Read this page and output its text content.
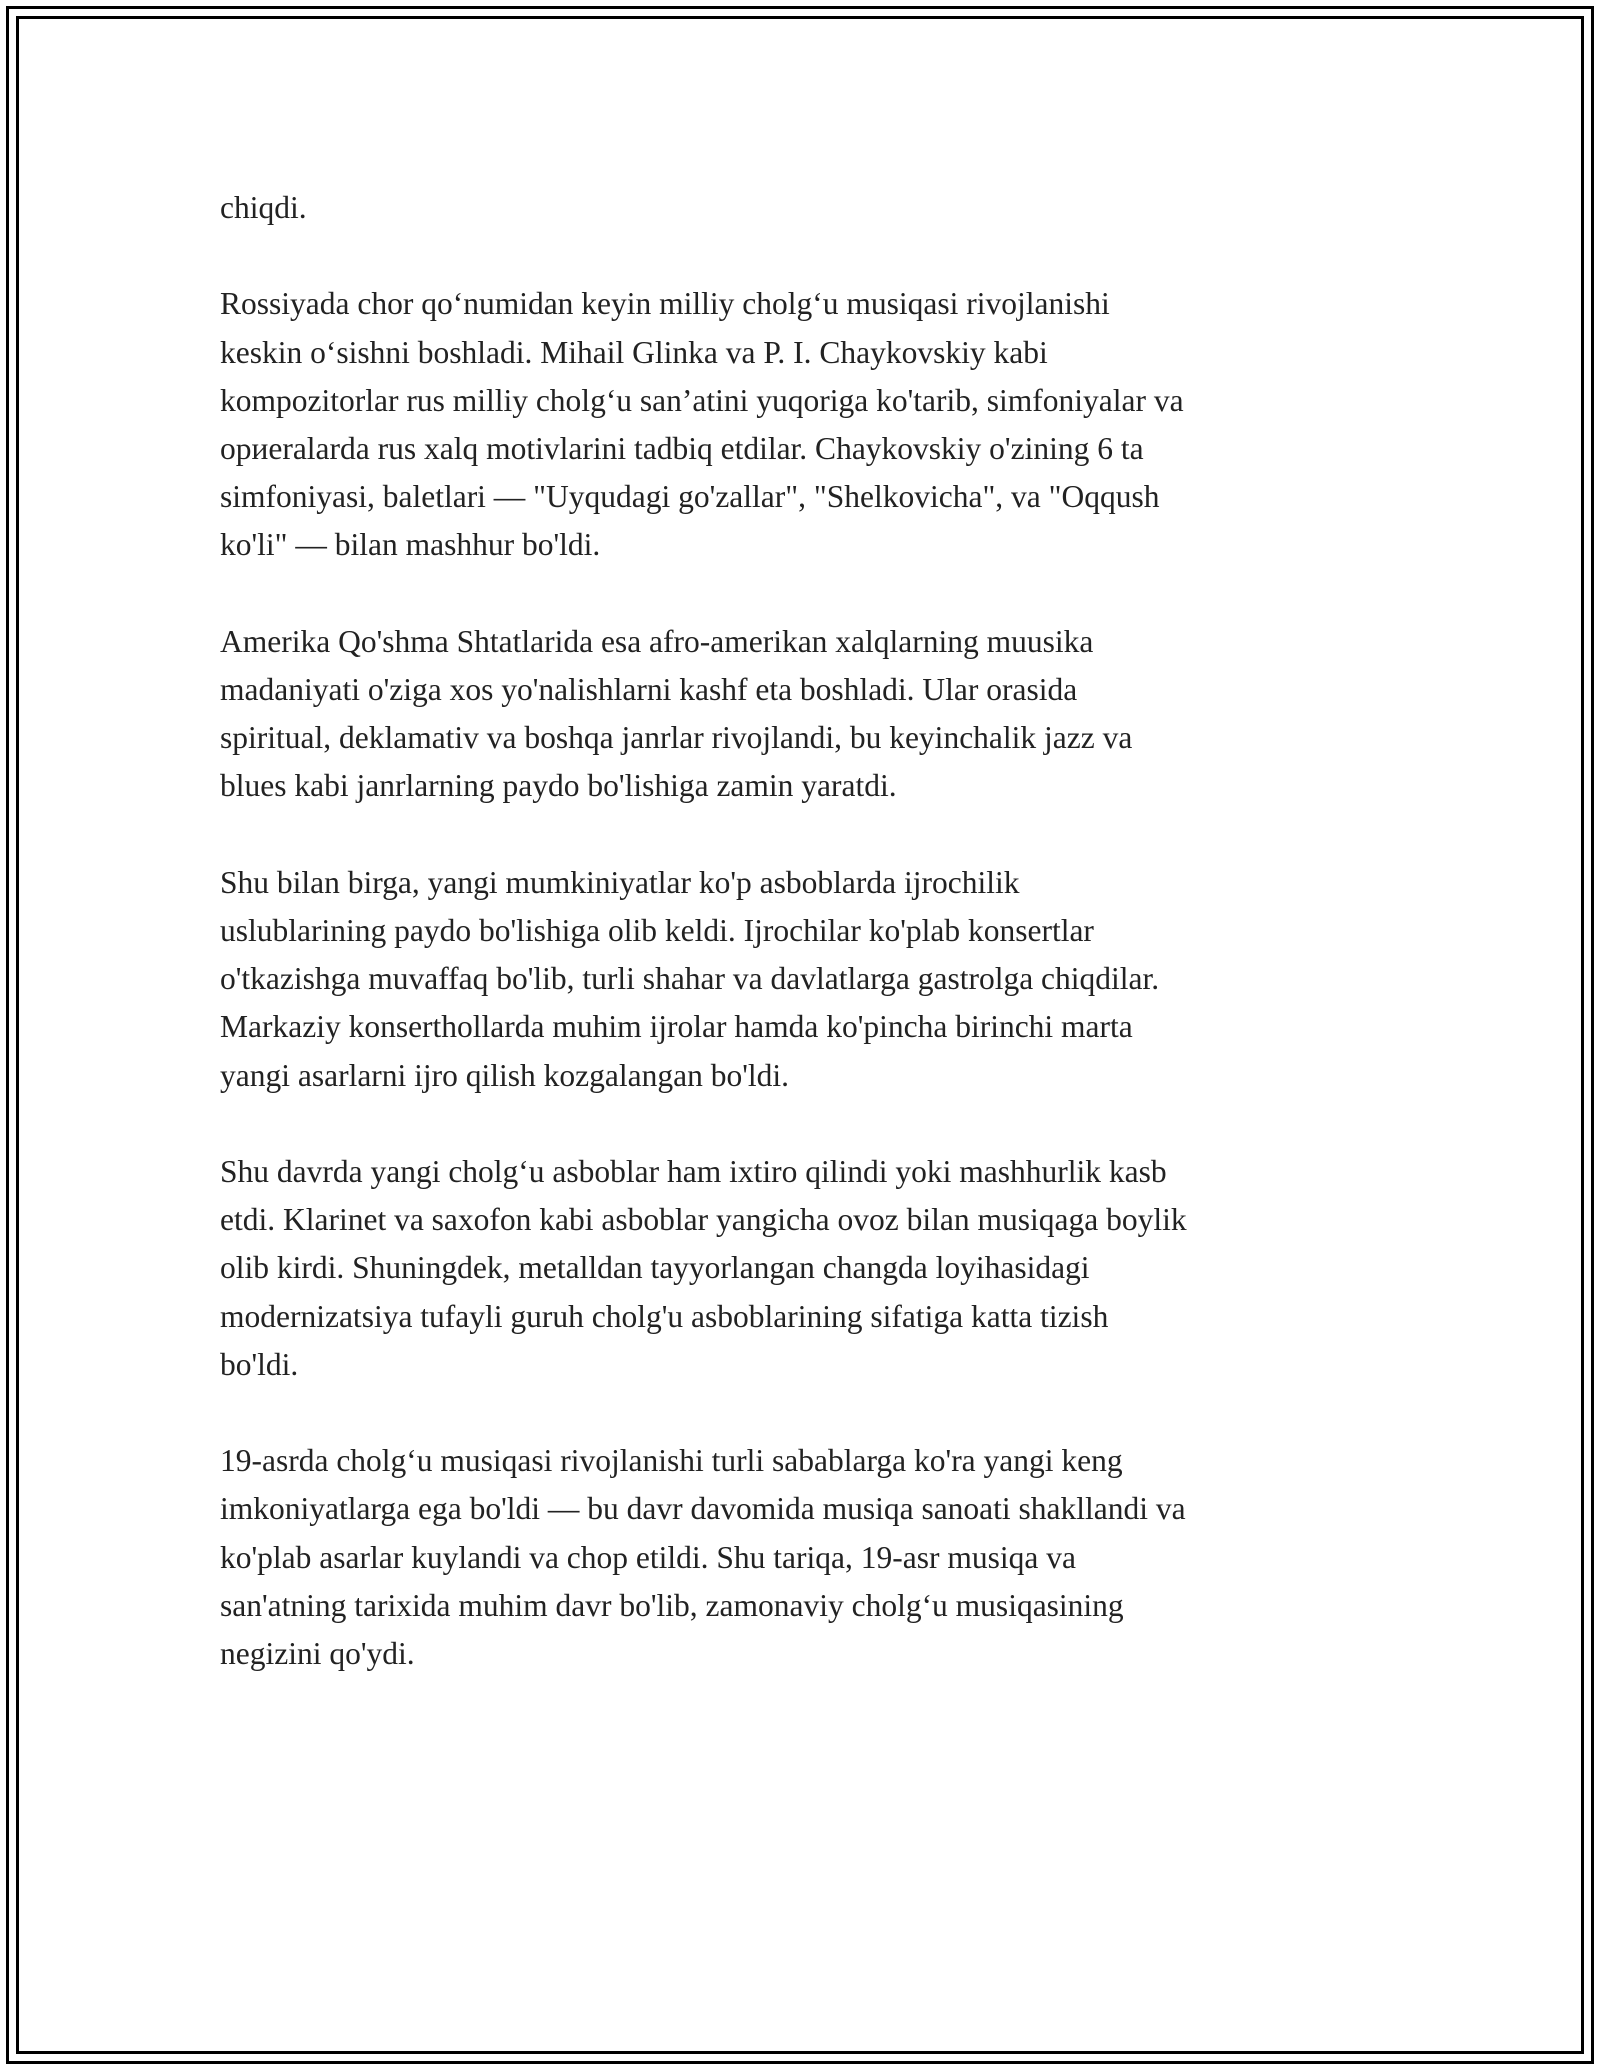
chiqdi.

Rossiyada chor qo‘numidan keyin milliy cholg‘u musiqasi rivojlanishi
keskin o‘sishni boshladi. Mihail Glinka va P. I. Chaykovskiy kabi
kompozitorlar rus milliy cholg‘u san’atini yuqoriga ko'tarib, simfoniyalar va
opиeralarda rus xalq motivlarini tadbiq etdilar. Chaykovskiy o'zining 6 ta
simfoniyasi, baletlari — "Uyqudagi go'zallar", "Shelkovicha", va "Oqqush
ko'li" — bilan mashhur bo'ldi.

Amerika Qo'shma Shtatlarida esa afro-amerikan xalqlarning muusika
madaniyati o'ziga xos yo'nalishlarni kashf eta boshladi. Ular orasida
spiritual, deklamativ va boshqa janrlar rivojlandi, bu keyinchalik jazz va
blues kabi janrlarning paydo bo'lishiga zamin yaratdi.

Shu bilan birga, yangi mumkiniyatlar ko'p asboblarda ijrochilik
uslublarining paydo bo'lishiga olib keldi. Ijrochilar ko'plab konsertlar
o'tkazishga muvaffaq bo'lib, turli shahar va davlatlarga gastrolga chiqdilar.
Markaziy konserthollarda muhim ijrolar hamda ko'pincha birinchi marta
yangi asarlarni ijro qilish kozgalangan bo'ldi.

Shu davrda yangi cholg‘u asboblar ham ixtiro qilindi yoki mashhurlik kasb
etdi. Klarinet va saxofon kabi asboblar yangicha ovoz bilan musiqaga boylik
olib kirdi. Shuningdek, metalldan tayyorlangan changda loyihasidagi
modernizatsiya tufayli guruh cholg'u asboblarining sifatiga katta tizish
bo'ldi.

19-asrda cholg‘u musiqasi rivojlanishi turli sabablarga ko'ra yangi keng
imkoniyatlarga ega bo'ldi — bu davr davomida musiqa sanoati shakllandi va
ko'plab asarlar kuylandi va chop etildi. Shu tariqa, 19-asr musiqa va
san'atning tarixida muhim davr bo'lib, zamonaviy cholg‘u musiqasining
negizini qo'ydi.
